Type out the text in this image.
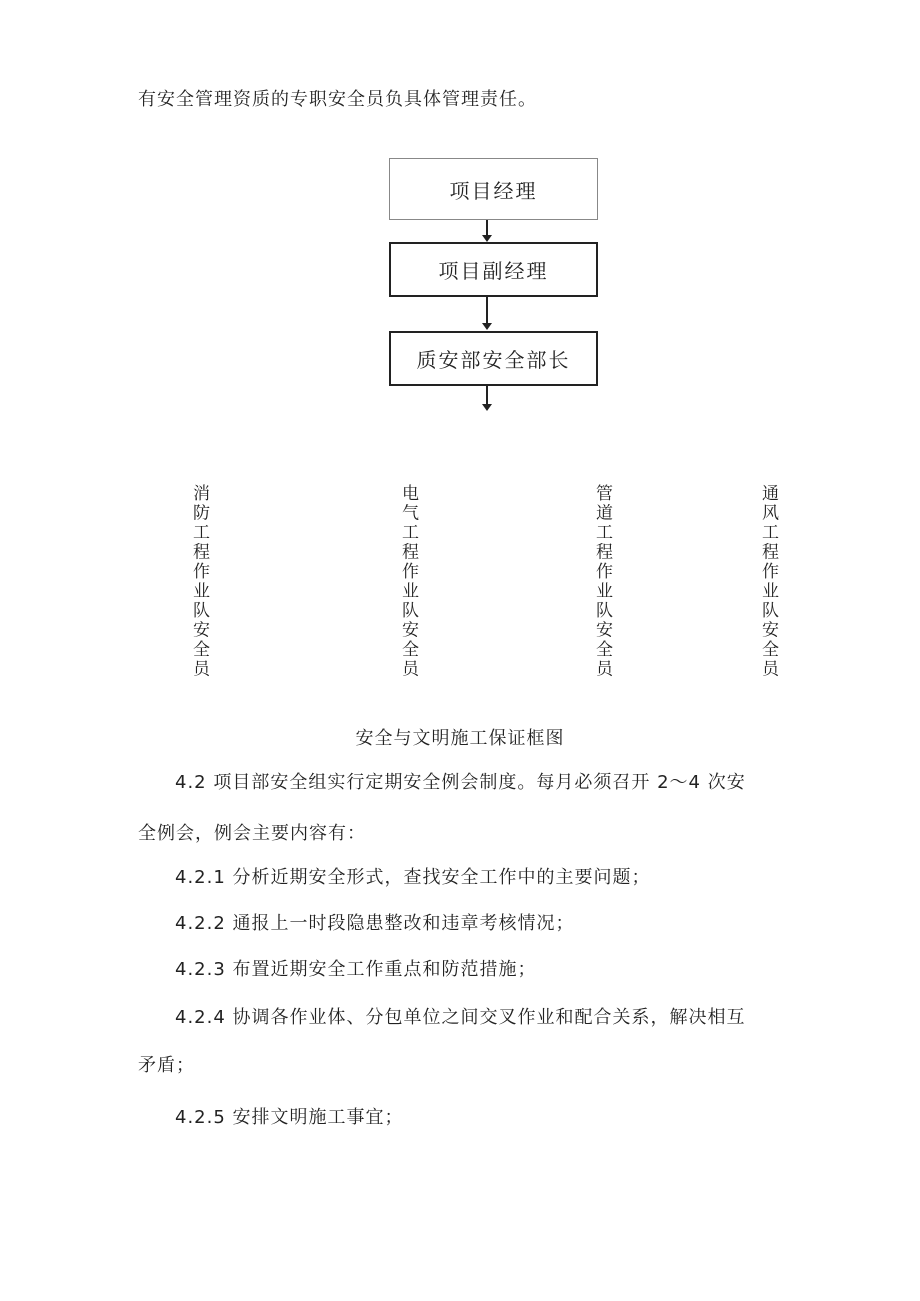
有安全管理资质的专职安全员负具体管理责任。
项目经理
项目副经理
质安部安全部长
消防工程作业队安全员	电气工程作业队安全员	管道工程作业队安全员	通风工程作业队安全员
安全与文明施工保证框图
4.2 项目部安全组实行定期安全例会制度。每月必须召开 2～4 次安
全例会，例会主要内容有：
4.2.1 分析近期安全形式，查找安全工作中的主要问题；
4.2.2 通报上一时段隐患整改和违章考核情况；
4.2.3 布置近期安全工作重点和防范措施；
4.2.4 协调各作业体、分包单位之间交叉作业和配合关系，解决相互
矛盾；
4.2.5 安排文明施工事宜；
